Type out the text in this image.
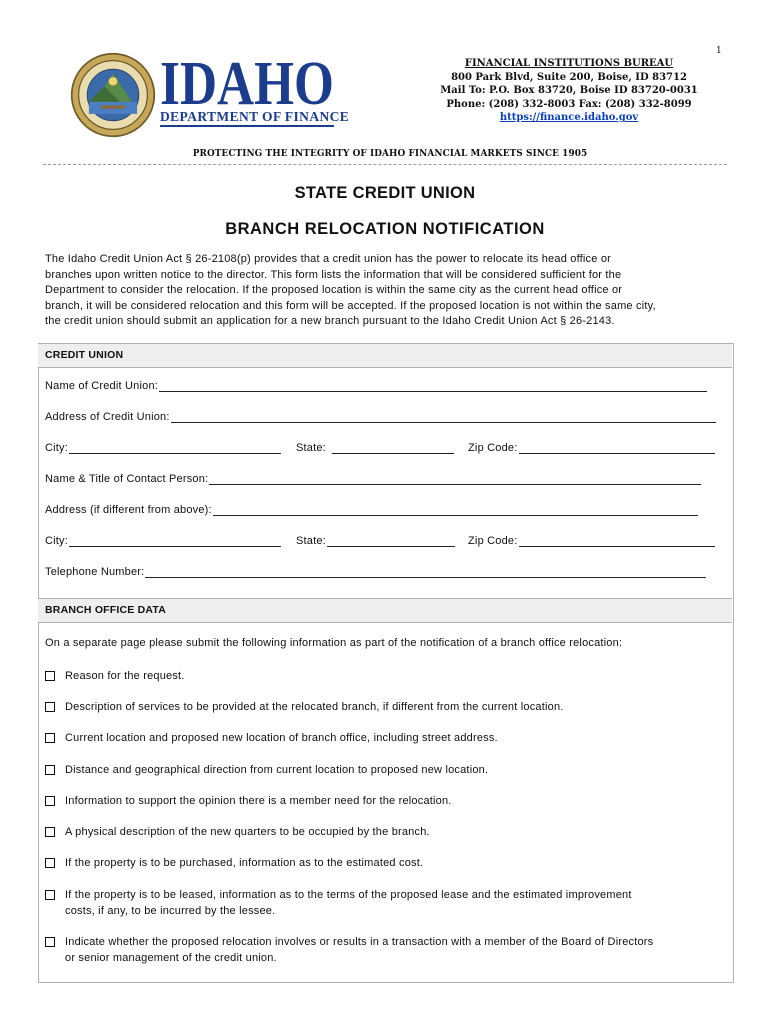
1
IDAHO
DEPARTMENT OF FINANCE
FINANCIAL INSTITUTIONS BUREAU
800 Park Blvd, Suite 200, Boise, ID 83712
Mail To: P.O. Box 83720, Boise ID 83720-0031
Phone: (208) 332-8003 Fax: (208) 332-8099
https://finance.idaho.gov
PROTECTING THE INTEGRITY OF IDAHO FINANCIAL MARKETS SINCE 1905
STATE CREDIT UNION
BRANCH RELOCATION NOTIFICATION
The Idaho Credit Union Act § 26-2108(p) provides that a credit union has the power to relocate its head office or
branches upon written notice to the director. This form lists the information that will be considered sufficient for the
Department to consider the relocation. If the proposed location is within the same city as the current head office or
branch, it will be considered relocation and this form will be accepted. If the proposed location is not within the same city,
the credit union should submit an application for a new branch pursuant to the Idaho Credit Union Act § 26-2143.
CREDIT UNION
Name of Credit Union:
Address of Credit Union:
City:	State:	Zip Code:
Name & Title of Contact Person:
Address (if different from above):
City:	State:	Zip Code:
Telephone Number:
BRANCH OFFICE DATA
On a separate page please submit the following information as part of the notification of a branch office relocation:
Reason for the request.
Description of services to be provided at the relocated branch, if different from the current location.
Current location and proposed new location of branch office, including street address.
Distance and geographical direction from current location to proposed new location.
Information to support the opinion there is a member need for the relocation.
A physical description of the new quarters to be occupied by the branch.
If the property is to be purchased, information as to the estimated cost.
If the property is to be leased, information as to the terms of the proposed lease and the estimated improvement
costs, if any, to be incurred by the lessee.
Indicate whether the proposed relocation involves or results in a transaction with a member of the Board of Directors
or senior management of the credit union.
